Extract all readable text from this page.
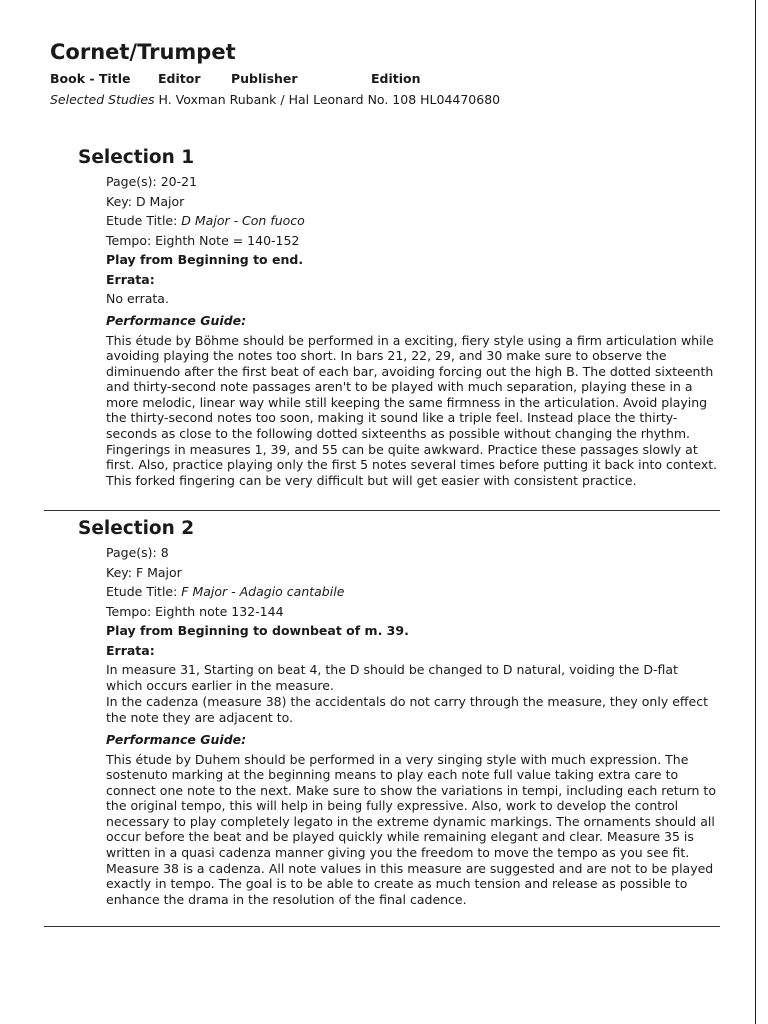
Cornet/Trumpet
Book - Title Editor Publisher	Edition
Selected Studies H. Voxman Rubank / Hal Leonard No. 108 HL04470680
Selection 1

Page(s): 20-21

Key: D Major

Etude Title: D Major - Con fuoco

Tempo: Eighth Note = 140-152

Play from Beginning to end.

Errata:

No errata.

Performance Guide:

This étude by Böhme should be performed in a exciting, fiery style using a firm articulation while avoiding playing the notes too short. In bars 21, 22, 29, and 30 make sure to observe the diminuendo after the first beat of each bar, avoiding forcing out the high B. The dotted sixteenth and thirty-second note passages aren't to be played with much separation, playing these in a more melodic, linear way while still keeping the same firmness in the articulation. Avoid playing the thirty-second notes too soon, making it sound like a triple feel. Instead place the thirty-seconds as close to the following dotted sixteenths as possible without changing the rhythm. Fingerings in measures 1, 39, and 55 can be quite awkward. Practice these passages slowly at first. Also, practice playing only the first 5 notes several times before putting it back into context. This forked fingering can be very difficult but will get easier with consistent practice.

Selection 2

Page(s): 8

Key: F Major

Etude Title: F Major - Adagio cantabile

Tempo: Eighth note 132-144

Play from Beginning to downbeat of m. 39.

Errata:

In measure 31, Starting on beat 4, the D should be changed to D natural, voiding the D-flat which occurs earlier in the measure.

In the cadenza (measure 38) the accidentals do not carry through the measure, they only effect the note they are adjacent to.

Performance Guide:

This étude by Duhem should be performed in a very singing style with much expression. The sostenuto marking at the beginning means to play each note full value taking extra care to connect one note to the next. Make sure to show the variations in tempi, including each return to the original tempo, this will help in being fully expressive. Also, work to develop the control necessary to play completely legato in the extreme dynamic markings. The ornaments should all occur before the beat and be played quickly while remaining elegant and clear. Measure 35 is written in a quasi cadenza manner giving you the freedom to move the tempo as you see fit. Measure 38 is a cadenza. All note values in this measure are suggested and are not to be played exactly in tempo. The goal is to be able to create as much tension and release as possible to enhance the drama in the resolution of the final cadence.
